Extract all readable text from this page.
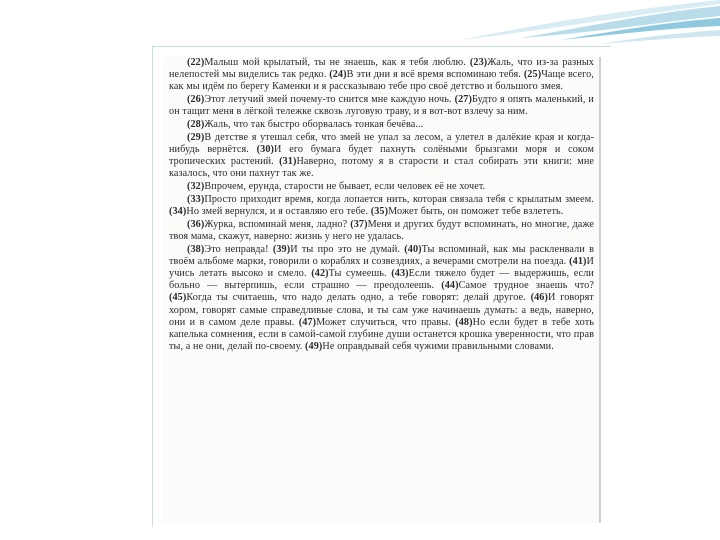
(22)Малыш мой крылатый, ты не знаешь, как я тебя люблю. (23)Жаль, что из-за разных нелепостей мы виделись так редко. (24)В эти дни я всё время вспоминаю тебя. (25)Чаще всего, как мы идём по берегу Каменки и я рассказываю тебе про своё детство и большого змея.

(26)Этот летучий змей почему-то снится мне каждую ночь. (27)Будто я опять маленький, и он тащит меня в лёгкой тележке сквозь луговую траву, и я вот-вот взлечу за ним.

(28)Жаль, что так быстро оборвалась тонкая бечёва...

(29)В детстве я утешал себя, что змей не упал за лесом, а улетел в далёкие края и когда-нибудь вернётся. (30)И его бумага будет пахнуть солёными брызгами моря и соком тропических растений. (31)Наверно, потому я в старости и стал собирать эти книги: мне казалось, что они пахнут так же.

(32)Впрочем, ерунда, старости не бывает, если человек её не хочет.

(33)Просто приходит время, когда лопается нить, которая связала тебя с крылатым змеем. (34)Но змей вернулся, и я оставляю его тебе. (35)Может быть, он поможет тебе взлететь.

(36)Журка, вспоминай меня, ладно? (37)Меня и других будут вспоминать, но многие, даже твоя мама, скажут, наверно: жизнь у него не удалась.

(38)Это неправда! (39)И ты про это не думай. (40)Ты вспоминай, как мы раскленвали в твоём альбоме марки, говорили о кораблях и созвездиях, а вечерами смотрели на поезда. (41)И учись летать высоко и смело. (42)Ты сумеешь. (43)Если тяжело будет — выдержишь, если больно — вытерпишь, если страшно — преодолеешь. (44)Самое трудное знаешь что? (45)Когда ты считаешь, что надо делать одно, а тебе говорят: делай другое. (46)И говорят хором, говорят самые справедливые слова, и ты сам уже начинаешь думать: а ведь, наверно, они и в самом деле правы. (47)Может случиться, что правы. (48)Но если будет в тебе хоть капелька сомнения, если в самой-самой глубине души останется крошка уверенности, что прав ты, а не они, делай по-своему. (49)Не оправдывай себя чужими правильными словами.
